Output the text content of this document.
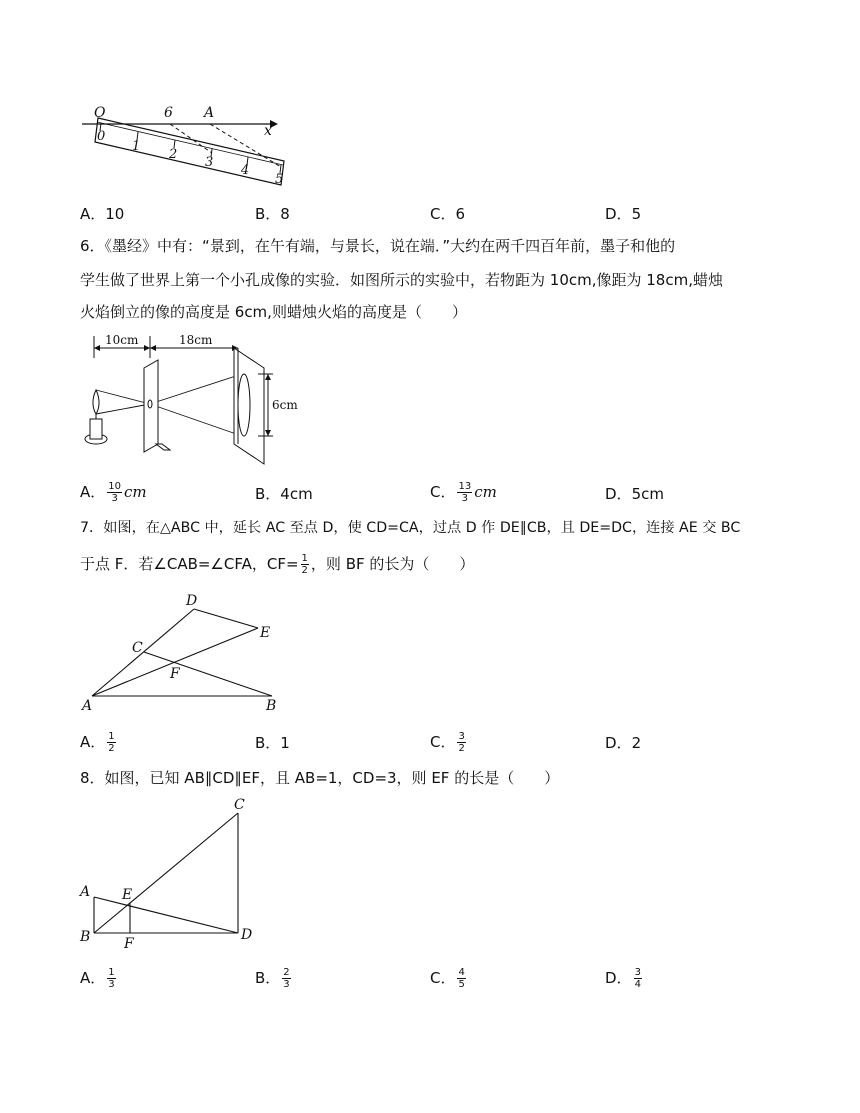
O	6 A
x
0
1
2
3
4
5
A．10	B．8	C．6	D．5
6．《墨经》中有：“景到，在午有端，与景长，说在端．”大约在两千四百年前，墨子和他的
学生做了世界上第一个小孔成像的实验．如图所示的实验中，若物距为 10cm,像距为 18cm,蜡烛
火焰倒立的像的高度是 6cm,则蜡烛火焰的高度是（　　）
10cm	18cm
6cm
A． $\frac{10}{3}$ cm	B．4cm	C． $\frac{13}{3}$ cm	D．5cm
7．如图，在△ABC 中，延长 AC 至点 D，使 CD=CA，过点 D 作 DE∥CB，且 DE=DC，连接 AE 交 BC
于点 F．若∠CAB=∠CFA，$CF= \frac{1}{2}$ ，则 BF 的长为（　　）
A	B
C
D
E
F
A． $\frac{1}{2}$	B．1	C． $\frac{3}{2}$	D．2
8．如图，已知 AB∥CD∥EF，且 AB=1，CD=3，则 EF 的长是（　　）
A
B
C
D
E
F
A． $\frac{1}{3}$	B． $\frac{2}{3}$	C． $\frac{4}{5}$	D． $\frac{3}{4}$
